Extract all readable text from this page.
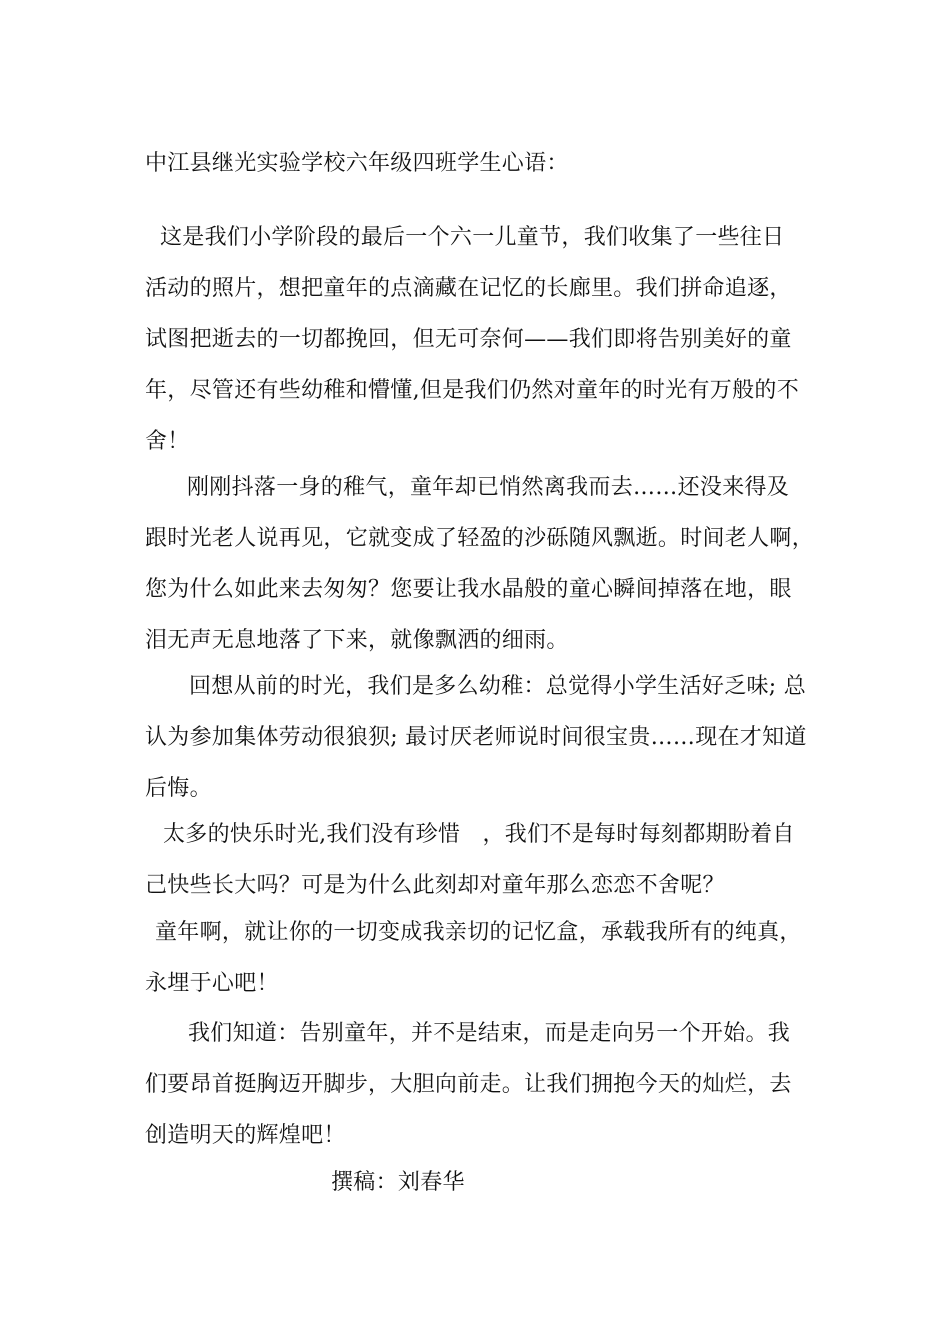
中江县继光实验学校六年级四班学生心语：
这是我们小学阶段的最后一个六一儿童节，我们收集了一些往日
活动的照片，想把童年的点滴藏在记忆的长廊里。我们拼命追逐，
试图把逝去的一切都挽回，但无可奈何——我们即将告别美好的童
年，尽管还有些幼稚和懵懂,但是我们仍然对童年的时光有万般的不
舍！
刚刚抖落一身的稚气，童年却已悄然离我而去……还没来得及
跟时光老人说再见，它就变成了轻盈的沙砾随风飘逝。时间老人啊，
您为什么如此来去匆匆？您要让我水晶般的童心瞬间掉落在地，眼
泪无声无息地落了下来，就像飘洒的细雨。
回想从前的时光，我们是多么幼稚：总觉得小学生活好乏味; 总
认为参加集体劳动很狼狈; 最讨厌老师说时间很宝贵……现在才知道
后悔。
太多的快乐时光,我们没有珍惜　，我们不是每时每刻都期盼着自
己快些长大吗？可是为什么此刻却对童年那么恋恋不舍呢？
童年啊，就让你的一切变成我亲切的记忆盒，承载我所有的纯真，
永埋于心吧！
我们知道：告别童年，并不是结束，而是走向另一个开始。我
们要昂首挺胸迈开脚步，大胆向前走。让我们拥抱今天的灿烂，去
创造明天的辉煌吧！
撰稿：刘春华
